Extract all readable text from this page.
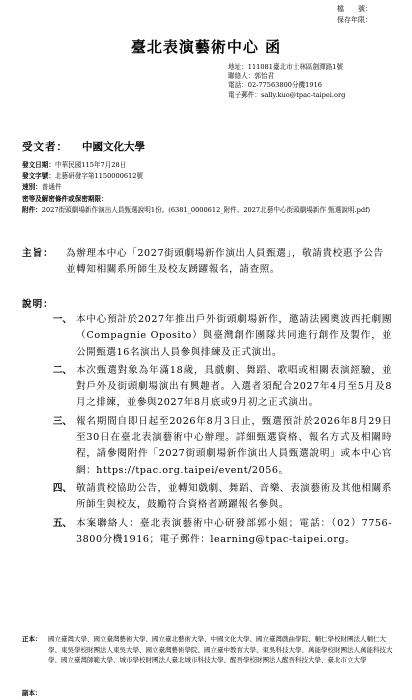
檔　　號：
保存年限：
臺北表演藝術中心 函
地址：111081臺北市士林區劍潭路1號
聯絡人：郭怡君
電話：02-77563800分機1916
電子郵件：sally.kuo@tpac-taipei.org
受文者： 中國文化大學
發文日期：中華民國115年7月28日
發文字號：北藝研發字第1150000612號
速別：普通件
密等及解密條件或保密期限：
附件：2027街頭劇場新作演出人員甄選說明1份。(6381_0000612_附件、2027北藝中心街頭劇場新作 甄選說明.pdf)
主旨： 為辦理本中心「2027街頭劇場新作演出人員甄選」，敬請貴校惠予公告並轉知相關系所師生及校友踴躍報名，請查照。
說明：
一、 本中心預計於2027年推出戶外街頭劇場新作，邀請法國奧波西托劇團（Compagnie Oposito）與臺灣創作團隊共同進行創作及製作，並公開甄選16名演出人員參與排練及正式演出。
二、 本次甄選對象為年滿18歲，具戲劇、舞蹈、歌唱或相關表演經驗，並對戶外及街頭劇場演出有興趣者。入選者須配合2027年4月至5月及8月之排練，並參與2027年8月底或9月初之正式演出。
三、 報名期間自即日起至2026年8月3日止，甄選預計於2026年8月29日至30日在臺北表演藝術中心辦理。詳細甄選資格、報名方式及相關時程，請參閱附件「2027街頭劇場新作演出人員甄選說明」或本中心官網：https://tpac.org.taipei/event/2056。
四、 敬請貴校協助公告，並轉知戲劇、舞蹈、音樂、表演藝術及其他相關系所師生與校友，鼓勵符合資格者踴躍報名參與。
五、 本案聯絡人：臺北表演藝術中心研發部郭小姐；電話：（02）7756-3800分機1916；電子郵件：learning@tpac-taipei.org。
正本： 國立臺灣大學、國立臺灣藝術大學、國立臺北藝術大學、中國文化大學、國立臺灣戲曲學院、輔仁學校財團法人輔仁大學、東吳學校財團法人東吳大學、國立臺灣藝術學院、國立臺中教育大學、東吳科技大學、萬能學校財團法人萬能科技大學、國立臺灣師範大學、城市學校財團法人臺北城市科技大學、醒吾學校財團法人醒吾科技大學、臺北市立大學
副本：
